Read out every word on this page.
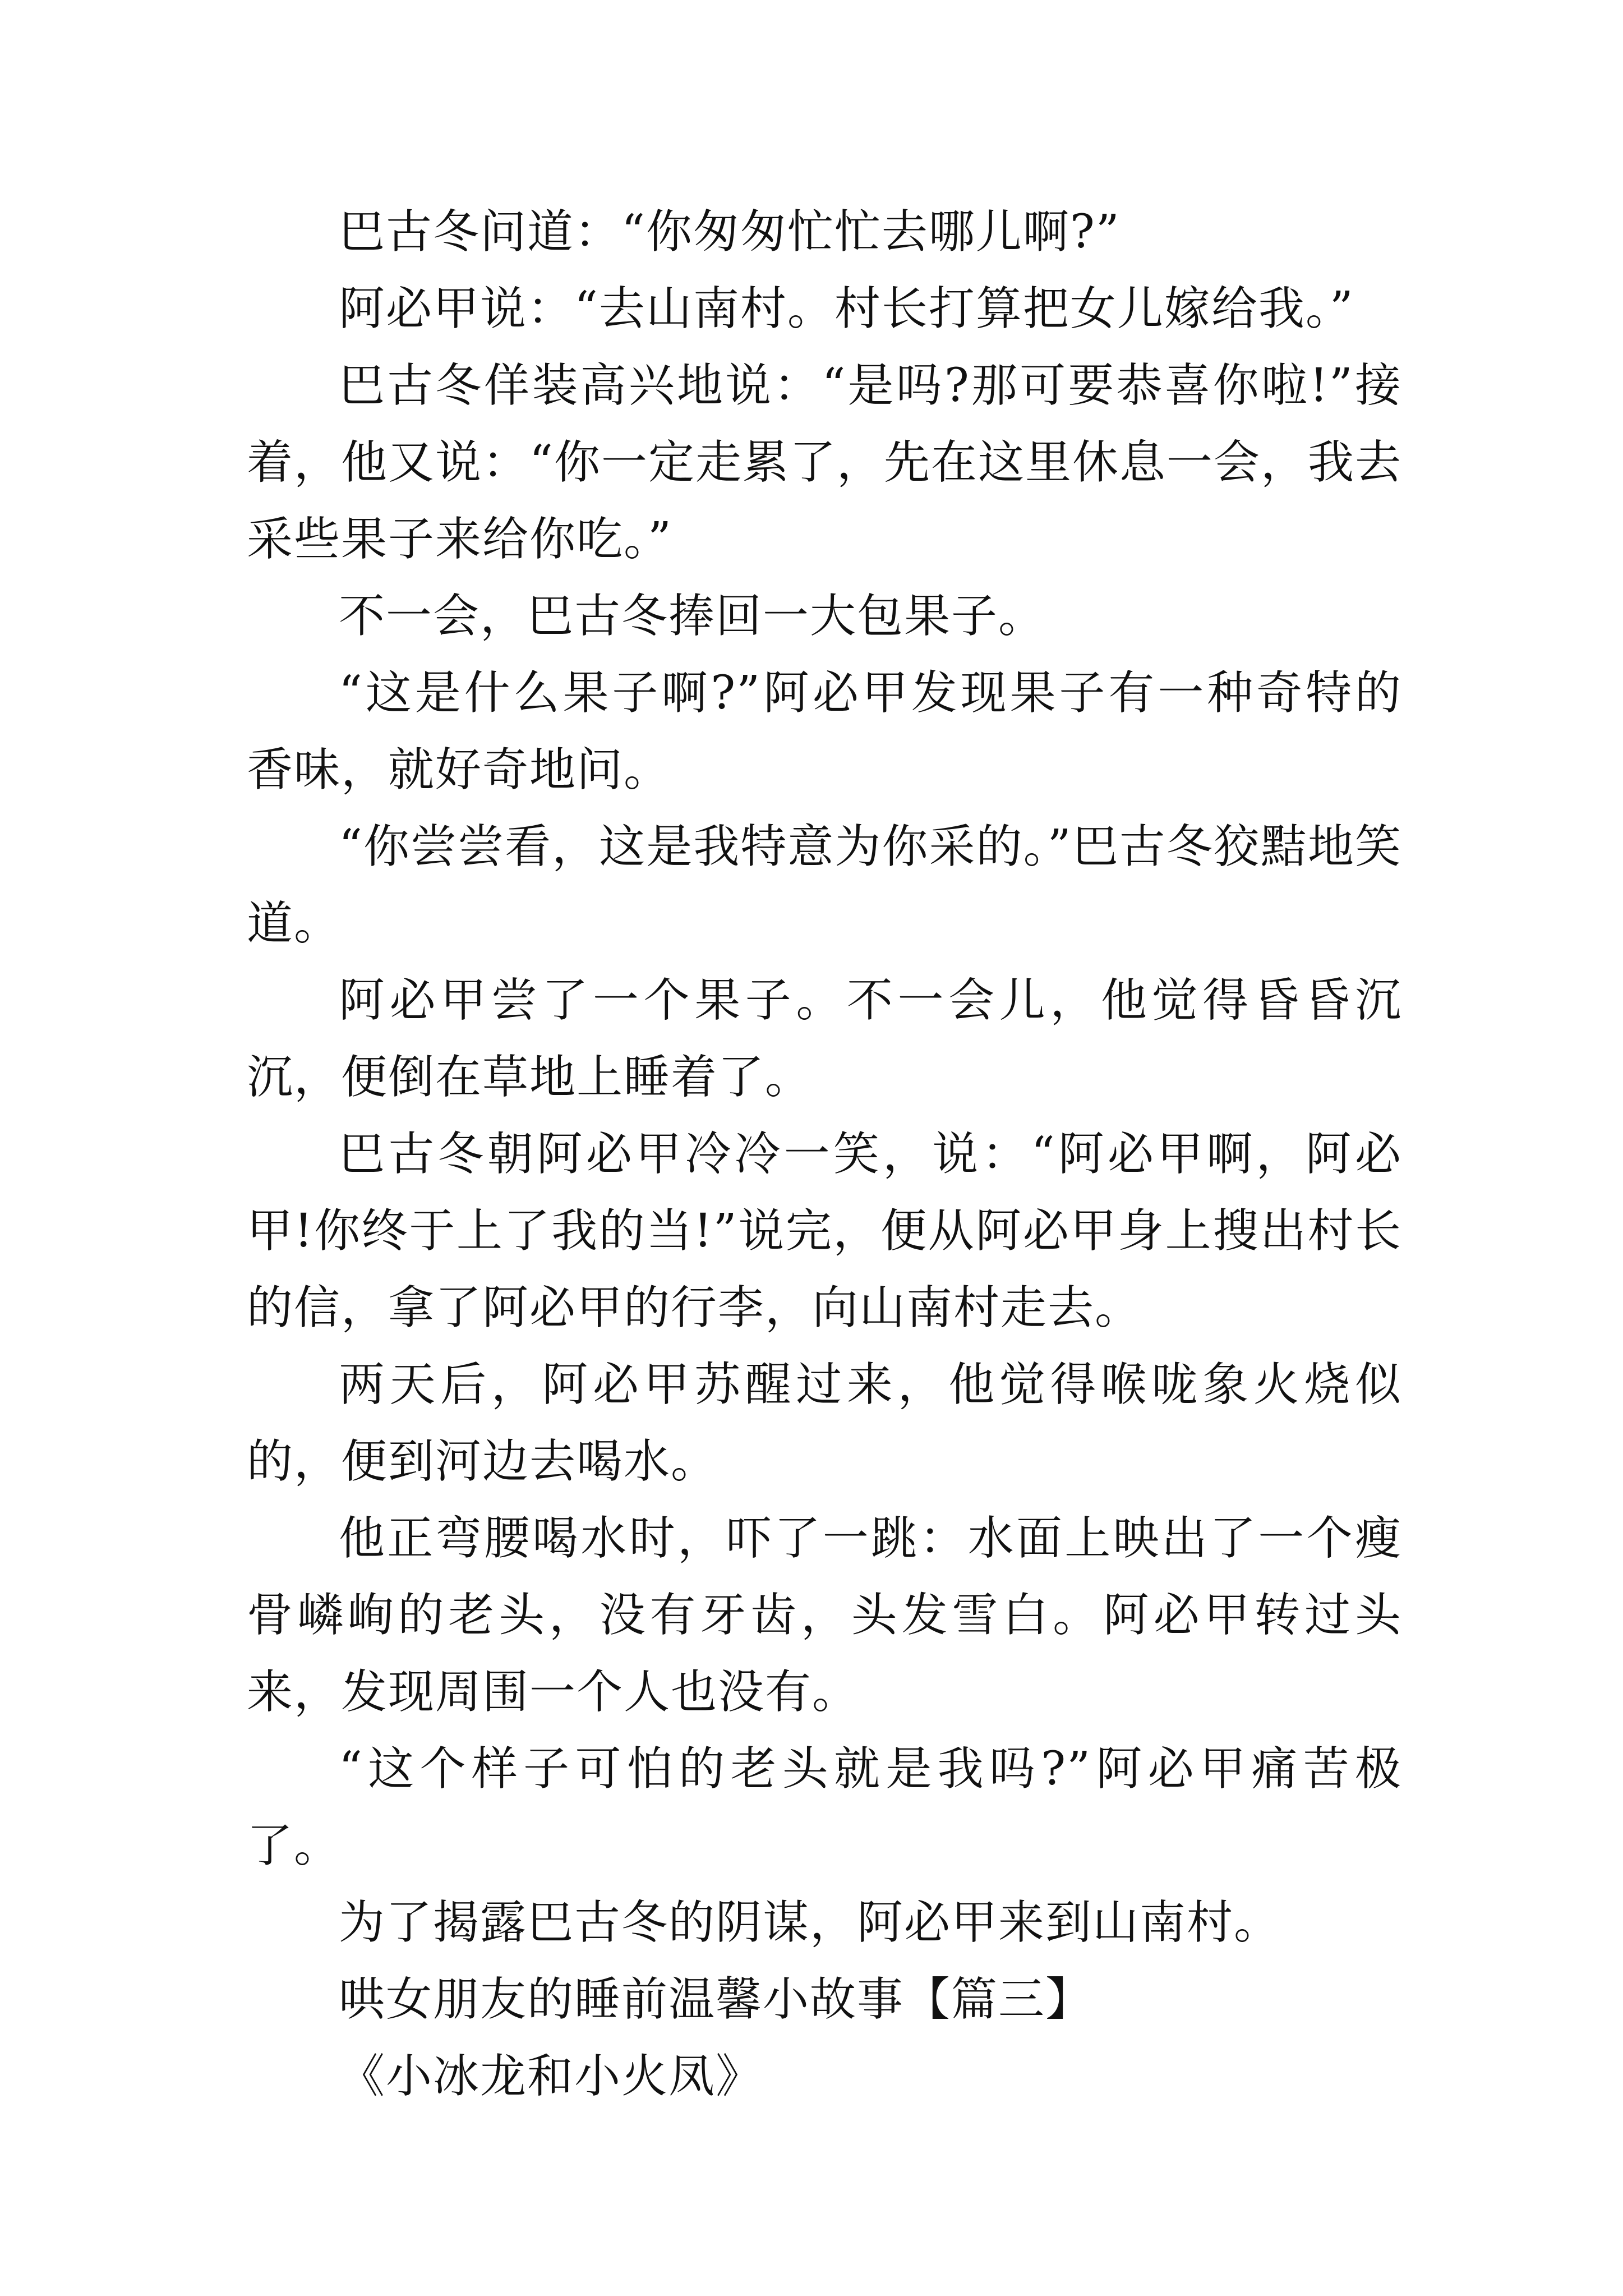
巴古冬问道：“你匆匆忙忙去哪儿啊?”

阿必甲说：“去山南村。村长打算把女儿嫁给我。”

巴古冬佯装高兴地说：“是吗?那可要恭喜你啦!”接着，他又说：“你一定走累了，先在这里休息一会，我去采些果子来给你吃。”

不一会，巴古冬捧回一大包果子。

“这是什么果子啊?”阿必甲发现果子有一种奇特的香味，就好奇地问。

“你尝尝看，这是我特意为你采的。”巴古冬狡黠地笑道。

阿必甲尝了一个果子。不一会儿，他觉得昏昏沉沉，便倒在草地上睡着了。

巴古冬朝阿必甲冷冷一笑，说：“阿必甲啊，阿必甲!你终于上了我的当!”说完，便从阿必甲身上搜出村长的信，拿了阿必甲的行李，向山南村走去。

两天后，阿必甲苏醒过来，他觉得喉咙象火烧似的，便到河边去喝水。

他正弯腰喝水时，吓了一跳：水面上映出了一个瘦骨嶙峋的老头，没有牙齿，头发雪白。阿必甲转过头来，发现周围一个人也没有。

“这个样子可怕的老头就是我吗?”阿必甲痛苦极了。

为了揭露巴古冬的阴谋，阿必甲来到山南村。

哄女朋友的睡前温馨小故事【篇三】

《小冰龙和小火凤》
